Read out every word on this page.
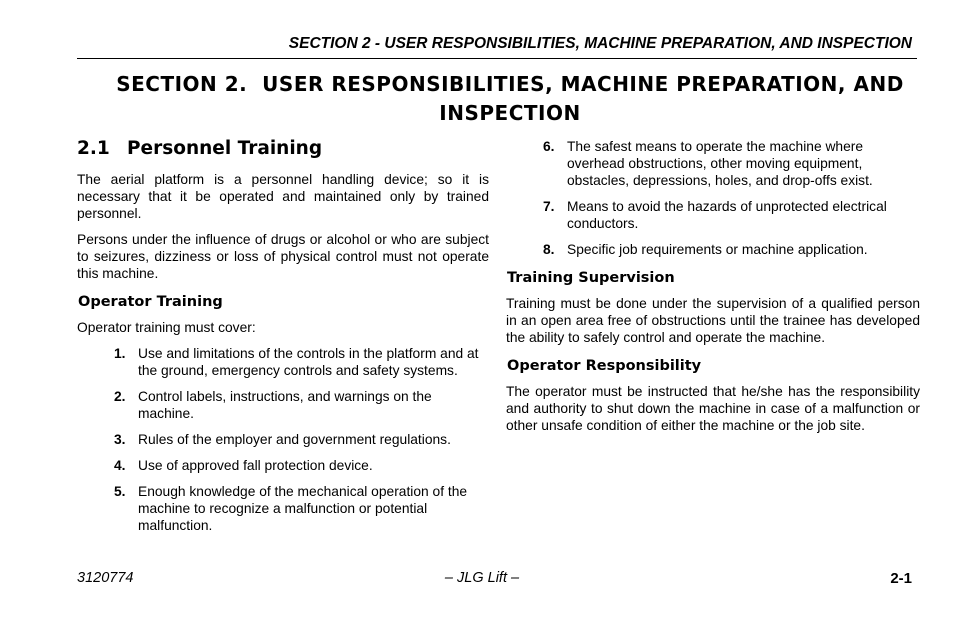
SECTION 2 - USER RESPONSIBILITIES, MACHINE PREPARATION, AND INSPECTION
SECTION 2.  USER RESPONSIBILITIES, MACHINE PREPARATION, AND
INSPECTION
2.1 Personnel Training

The aerial platform is a personnel handling device; so it is necessary that it be operated and maintained only by trained personnel.

Persons under the influence of drugs or alcohol or who are subject to seizures, dizziness or loss of physical control must not operate this machine.

Operator Training

Operator training must cover:

1. Use and limitations of the controls in the platform and at the ground, emergency controls and safety systems.
2. Control labels, instructions, and warnings on the machine.
3. Rules of the employer and government regulations.
4. Use of approved fall protection device.
5. Enough knowledge of the mechanical operation of the machine to recognize a malfunction or potential malfunction.
6. The safest means to operate the machine where overhead obstructions, other moving equipment, obstacles, depressions, holes, and drop-offs exist.
7. Means to avoid the hazards of unprotected electrical conductors.
8. Specific job requirements or machine application.
Training Supervision

Training must be done under the supervision of a qualified person in an open area free of obstructions until the trainee has developed the ability to safely control and operate the machine.

Operator Responsibility

The operator must be instructed that he/she has the responsibility and authority to shut down the machine in case of a malfunction or other unsafe condition of either the machine or the job site.

– JLG Lift –
3120774	2-1
